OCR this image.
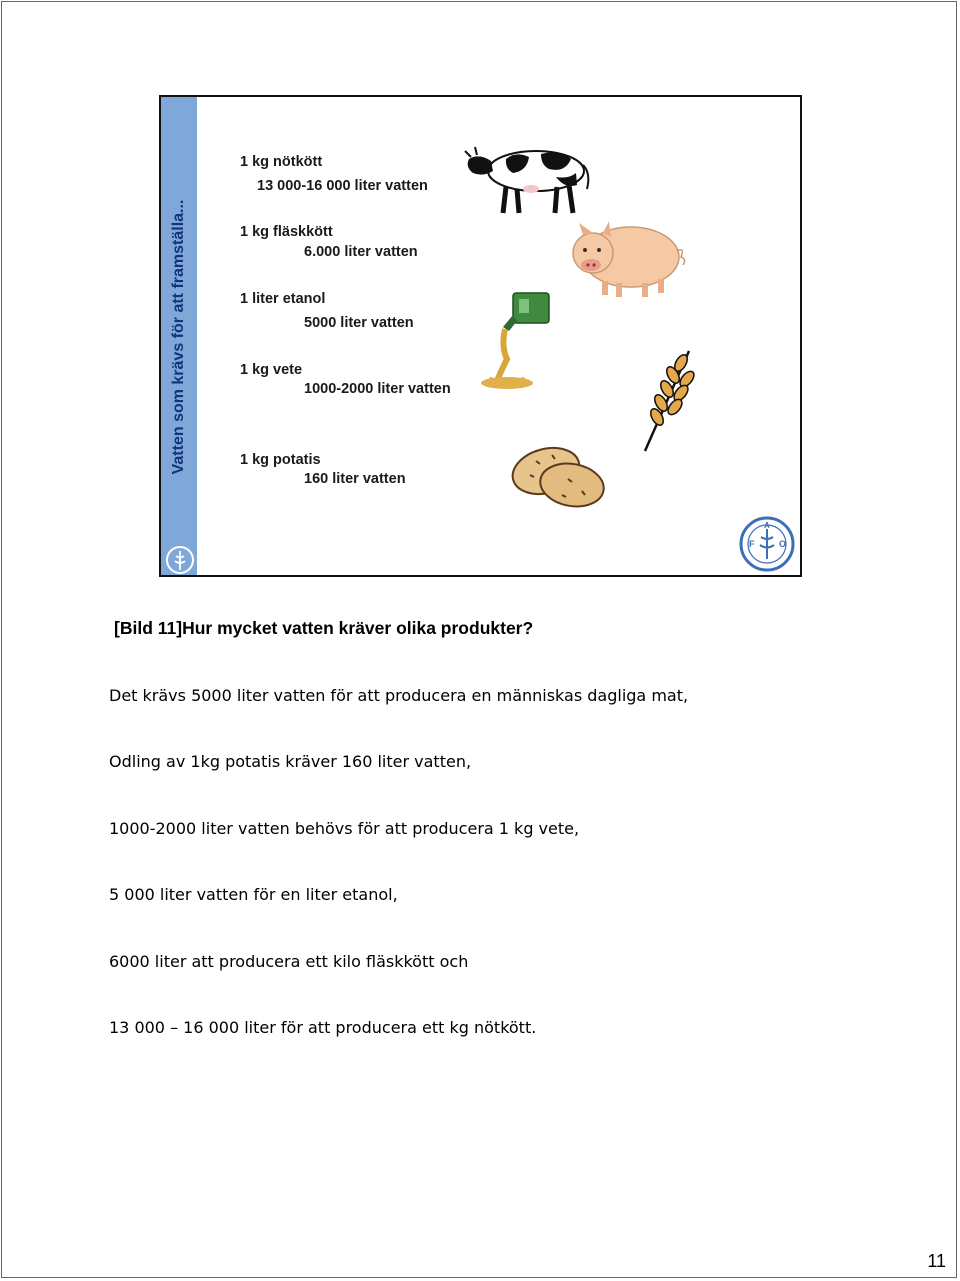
Vatten som krävs för att framställa...
1 kg nötkött
13 000-16 000 liter vatten
1 kg fläskkött
6.000 liter vatten
1 liter etanol
5000 liter vatten
1 kg vete
1000-2000 liter vatten
1 kg potatis
160 liter vatten
F
A
O
[Bild 11]Hur mycket vatten kräver olika produkter?
Det krävs 5000 liter vatten för att producera en människas dagliga mat,
Odling av 1kg potatis kräver 160 liter vatten,
1000-2000 liter vatten behövs för att producera 1 kg vete,
5 000 liter vatten för en liter etanol,
6000 liter att producera ett kilo fläskkött och
13 000 – 16 000 liter för att producera ett kg nötkött.
11
